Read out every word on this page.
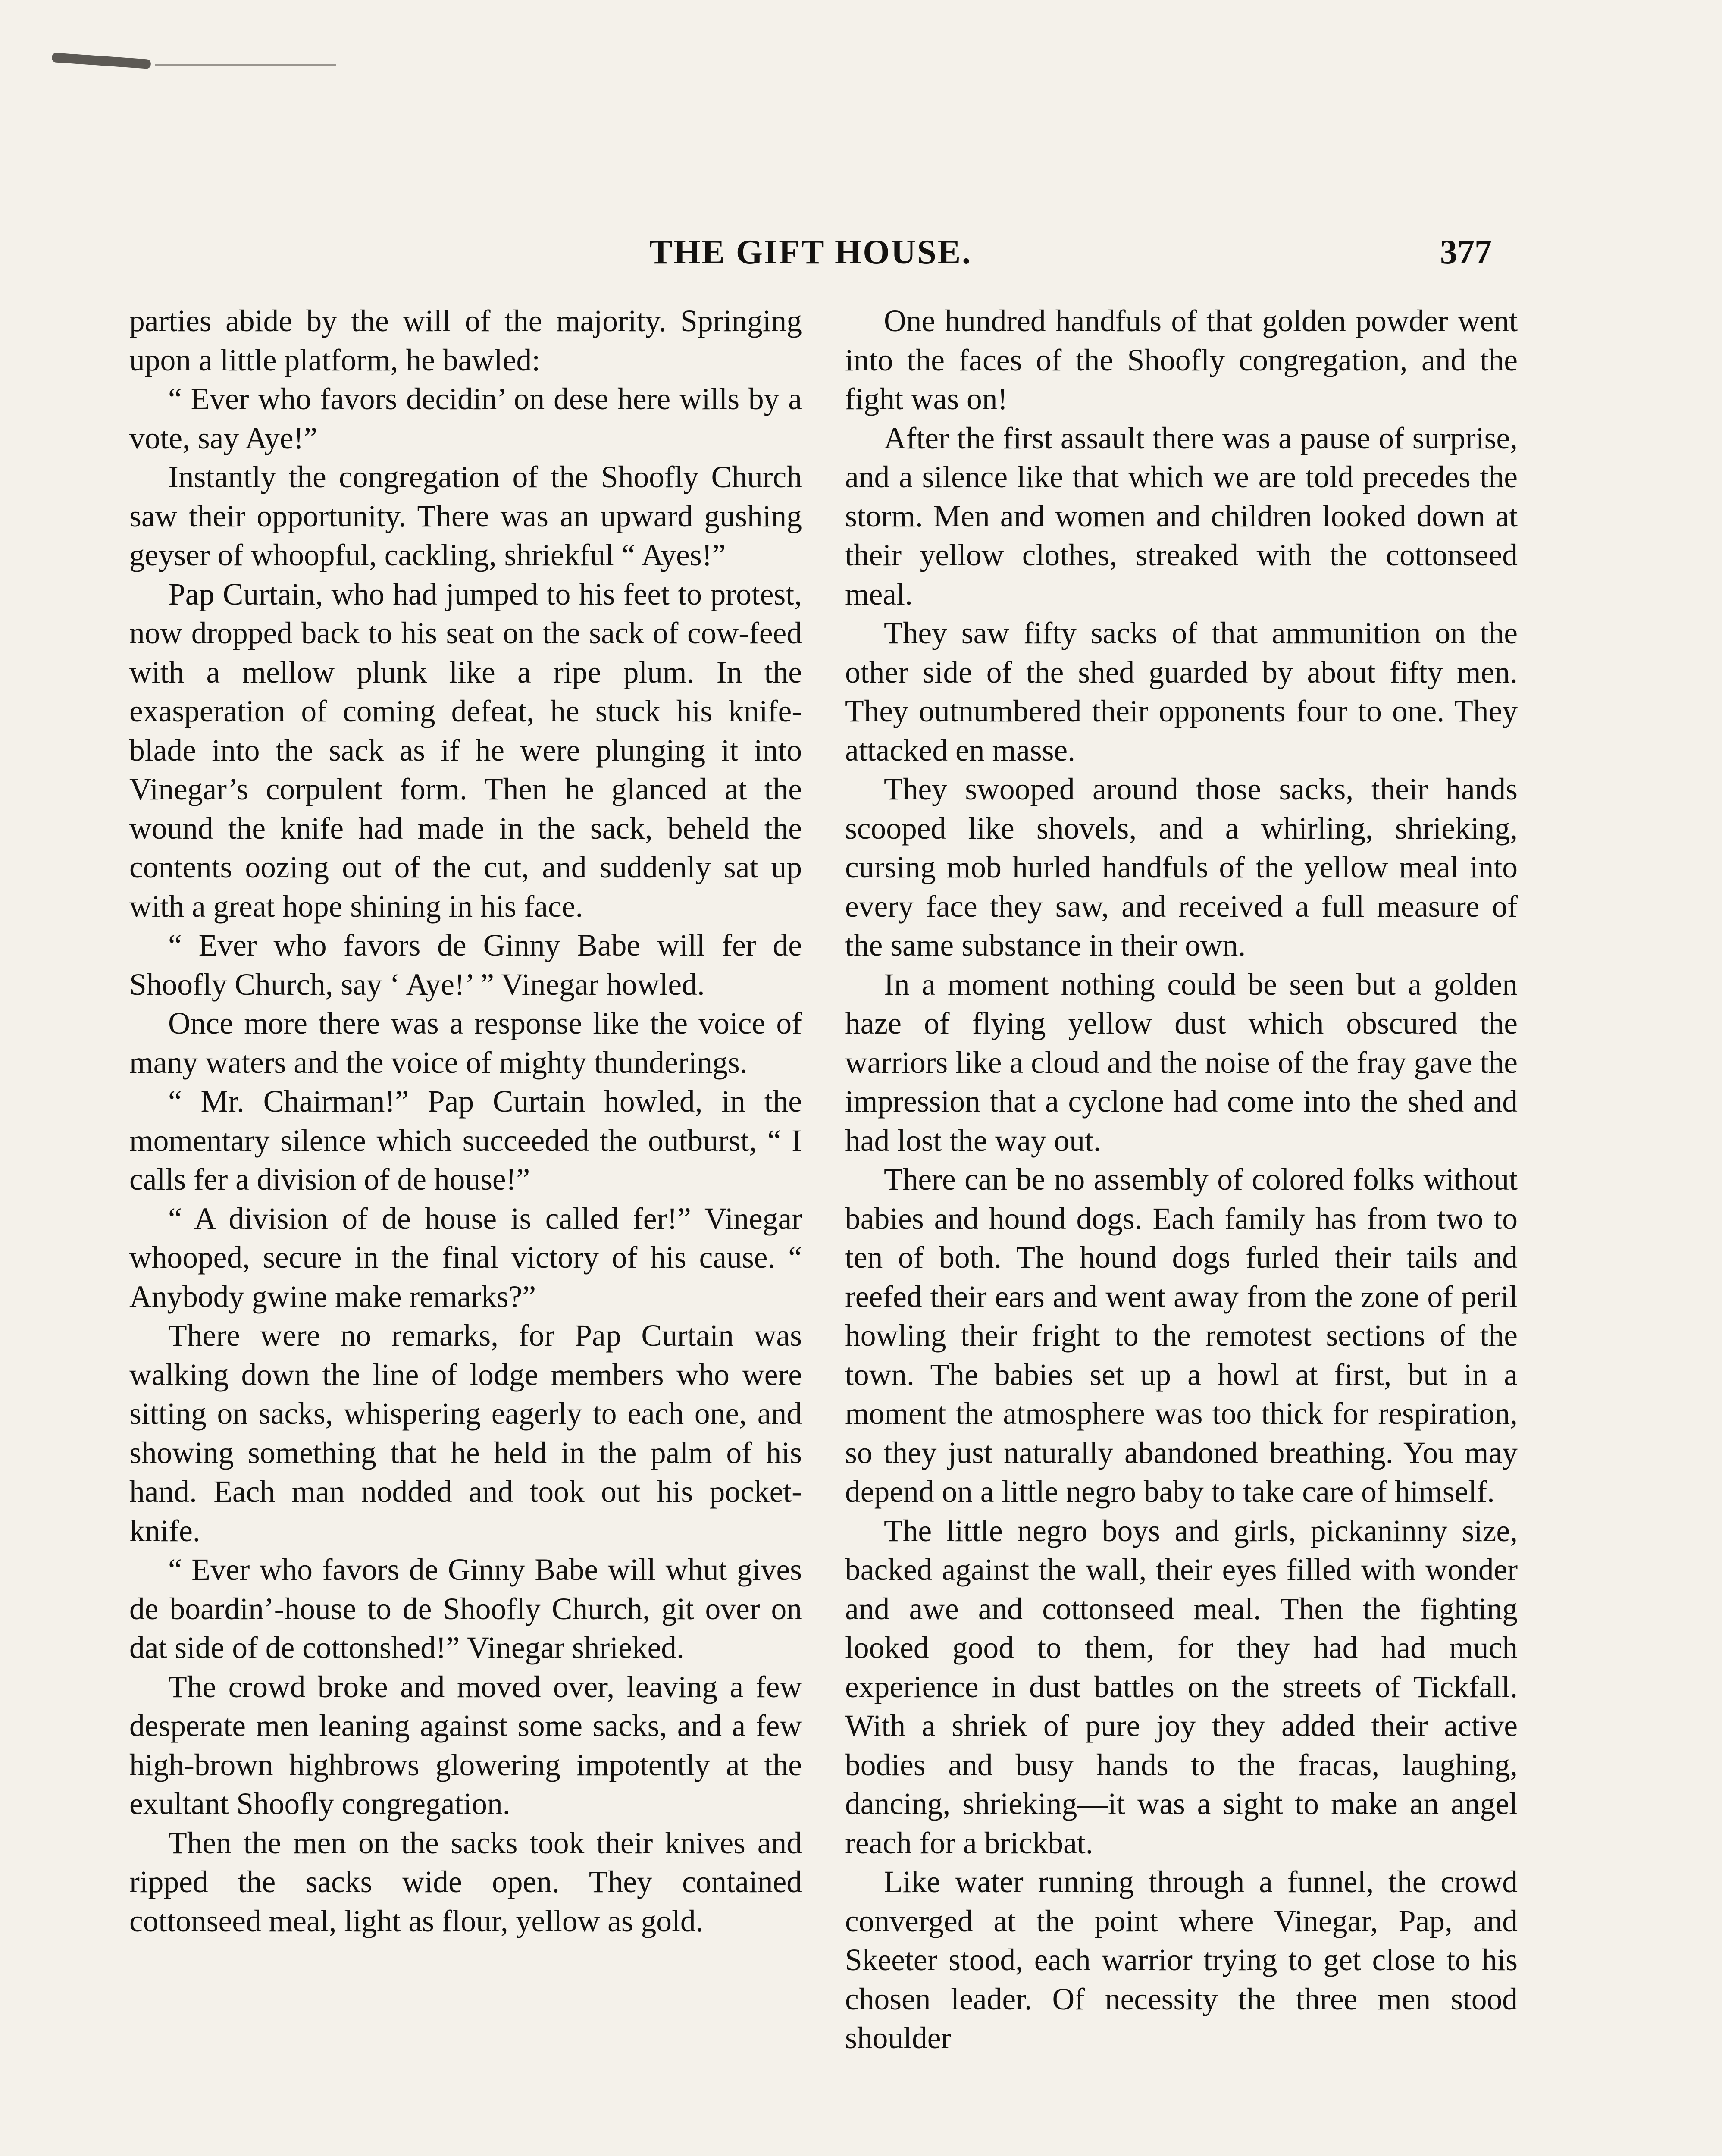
THE GIFT HOUSE.	377

parties abide by the will of the majority. Springing upon a little platform, he bawled:

“ Ever who favors decidin’ on dese here wills by a vote, say Aye!”

Instantly the congregation of the Shoofly Church saw their opportunity. There was an upward gushing geyser of whoopful, cackling, shriekful “ Ayes!”

Pap Curtain, who had jumped to his feet to protest, now dropped back to his seat on the sack of cow-feed with a mellow plunk like a ripe plum. In the exasperation of coming defeat, he stuck his knife-blade into the sack as if he were plunging it into Vinegar’s corpulent form. Then he glanced at the wound the knife had made in the sack, beheld the contents oozing out of the cut, and suddenly sat up with a great hope shining in his face.

“ Ever who favors de Ginny Babe will fer de Shoofly Church, say ‘ Aye!’ ” Vinegar howled.

Once more there was a response like the voice of many waters and the voice of mighty thunderings.

“ Mr. Chairman!” Pap Curtain howled, in the momentary silence which succeeded the outburst, “ I calls fer a division of de house!”

“ A division of de house is called fer!” Vinegar whooped, secure in the final victory of his cause. “ Anybody gwine make remarks?”

There were no remarks, for Pap Curtain was walking down the line of lodge members who were sitting on sacks, whispering eagerly to each one, and showing something that he held in the palm of his hand. Each man nodded and took out his pocket-knife.

“ Ever who favors de Ginny Babe will whut gives de boardin’-house to de Shoofly Church, git over on dat side of de cottonshed!” Vinegar shrieked.

The crowd broke and moved over, leaving a few desperate men leaning against some sacks, and a few high-brown highbrows glowering impotently at the exultant Shoofly congregation.

Then the men on the sacks took their knives and ripped the sacks wide open. They contained cottonseed meal, light as flour, yellow as gold.

One hundred handfuls of that golden powder went into the faces of the Shoofly congregation, and the fight was on!

After the first assault there was a pause of surprise, and a silence like that which we are told precedes the storm. Men and women and children looked down at their yellow clothes, streaked with the cottonseed meal.

They saw fifty sacks of that ammunition on the other side of the shed guarded by about fifty men. They outnumbered their opponents four to one. They attacked en masse.

They swooped around those sacks, their hands scooped like shovels, and a whirling, shrieking, cursing mob hurled handfuls of the yellow meal into every face they saw, and received a full measure of the same substance in their own.

In a moment nothing could be seen but a golden haze of flying yellow dust which obscured the warriors like a cloud and the noise of the fray gave the impression that a cyclone had come into the shed and had lost the way out.

There can be no assembly of colored folks without babies and hound dogs. Each family has from two to ten of both. The hound dogs furled their tails and reefed their ears and went away from the zone of peril howling their fright to the remotest sections of the town. The babies set up a howl at first, but in a moment the atmosphere was too thick for respiration, so they just naturally abandoned breathing. You may depend on a little negro baby to take care of himself.

The little negro boys and girls, pickaninny size, backed against the wall, their eyes filled with wonder and awe and cottonseed meal. Then the fighting looked good to them, for they had had much experience in dust battles on the streets of Tickfall. With a shriek of pure joy they added their active bodies and busy hands to the fracas, laughing, dancing, shrieking—it was a sight to make an angel reach for a brickbat.

Like water running through a funnel, the crowd converged at the point where Vinegar, Pap, and Skeeter stood, each warrior trying to get close to his chosen leader. Of necessity the three men stood shoulder
